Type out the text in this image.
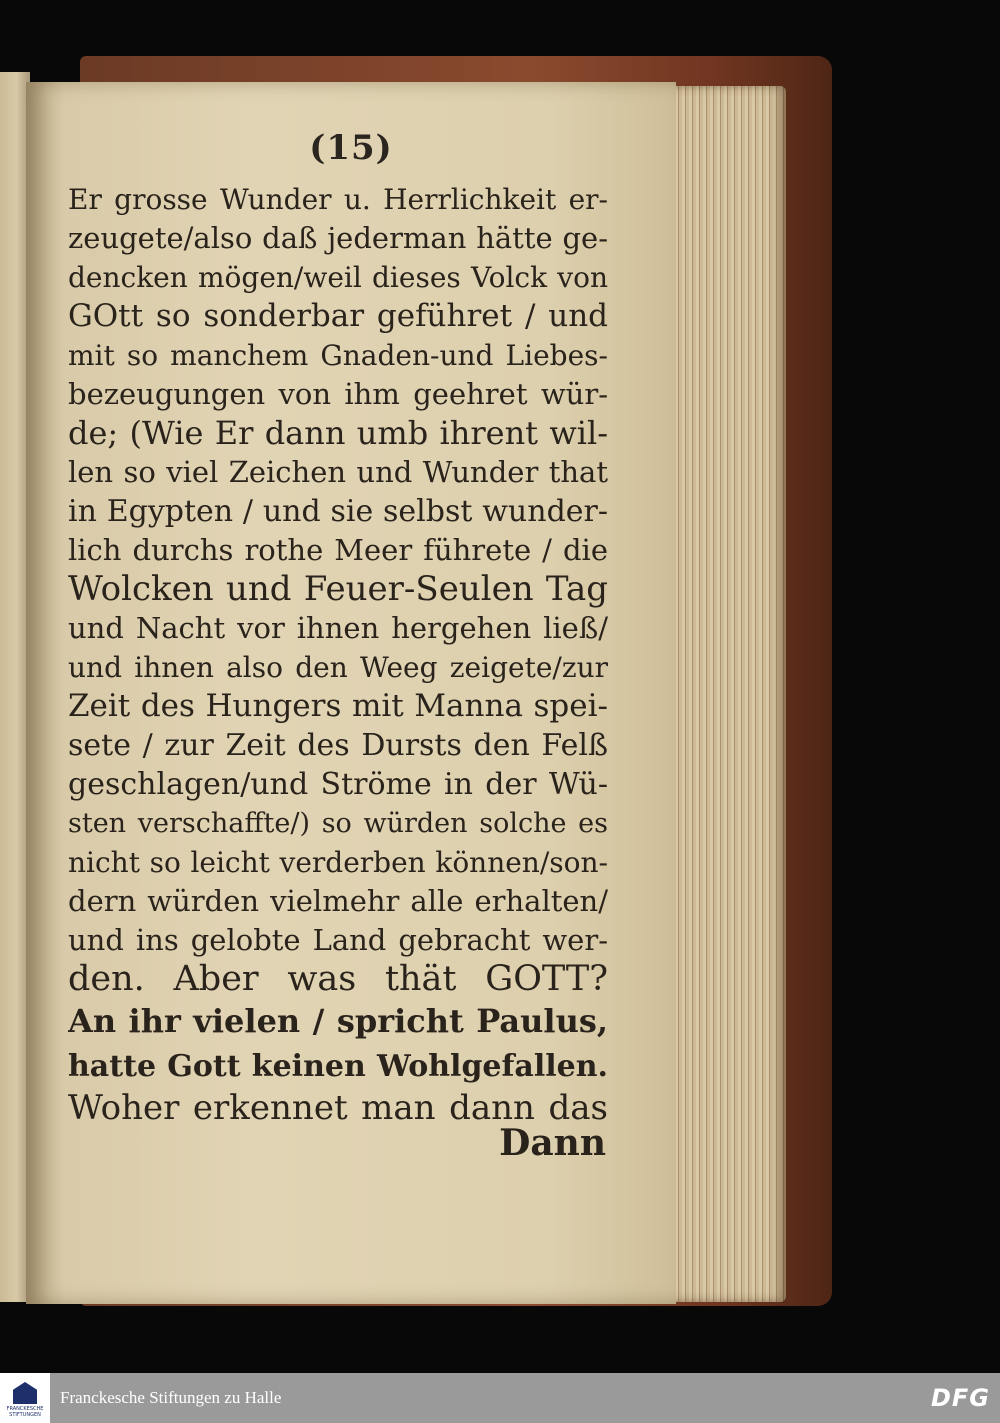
(15)
Er grosse Wunder u. Herrlichkeit er-
zeugete/also daß jederman hätte ge-
dencken mögen/weil dieses Volck von
GOtt so sonderbar geführet / und
mit so manchem Gnaden-und Liebes-
bezeugungen von ihm geehret wür-
de; (Wie Er dann umb ihrent wil-
len so viel Zeichen und Wunder that
in Egypten / und sie selbst wunder-
lich durchs rothe Meer führete / die
Wolcken und Feuer-Seulen Tag
und Nacht vor ihnen hergehen ließ/
und ihnen also den Weeg zeigete/zur
Zeit des Hungers mit Manna spei-
sete / zur Zeit des Dursts den Felß
geschlagen/und Ströme in der Wü-
sten verschaffte/) so würden solche es
nicht so leicht verderben können/son-
dern würden vielmehr alle erhalten/
und ins gelobte Land gebracht wer-
den. Aber was thät GOTT?
An ihr vielen / spricht Paulus,
hatte Gott keinen Wohlgefallen.
Woher erkennet man dann das
Dann
FRANCKESCHE STIFTUNGEN
Franckesche Stiftungen zu Halle	DFG
